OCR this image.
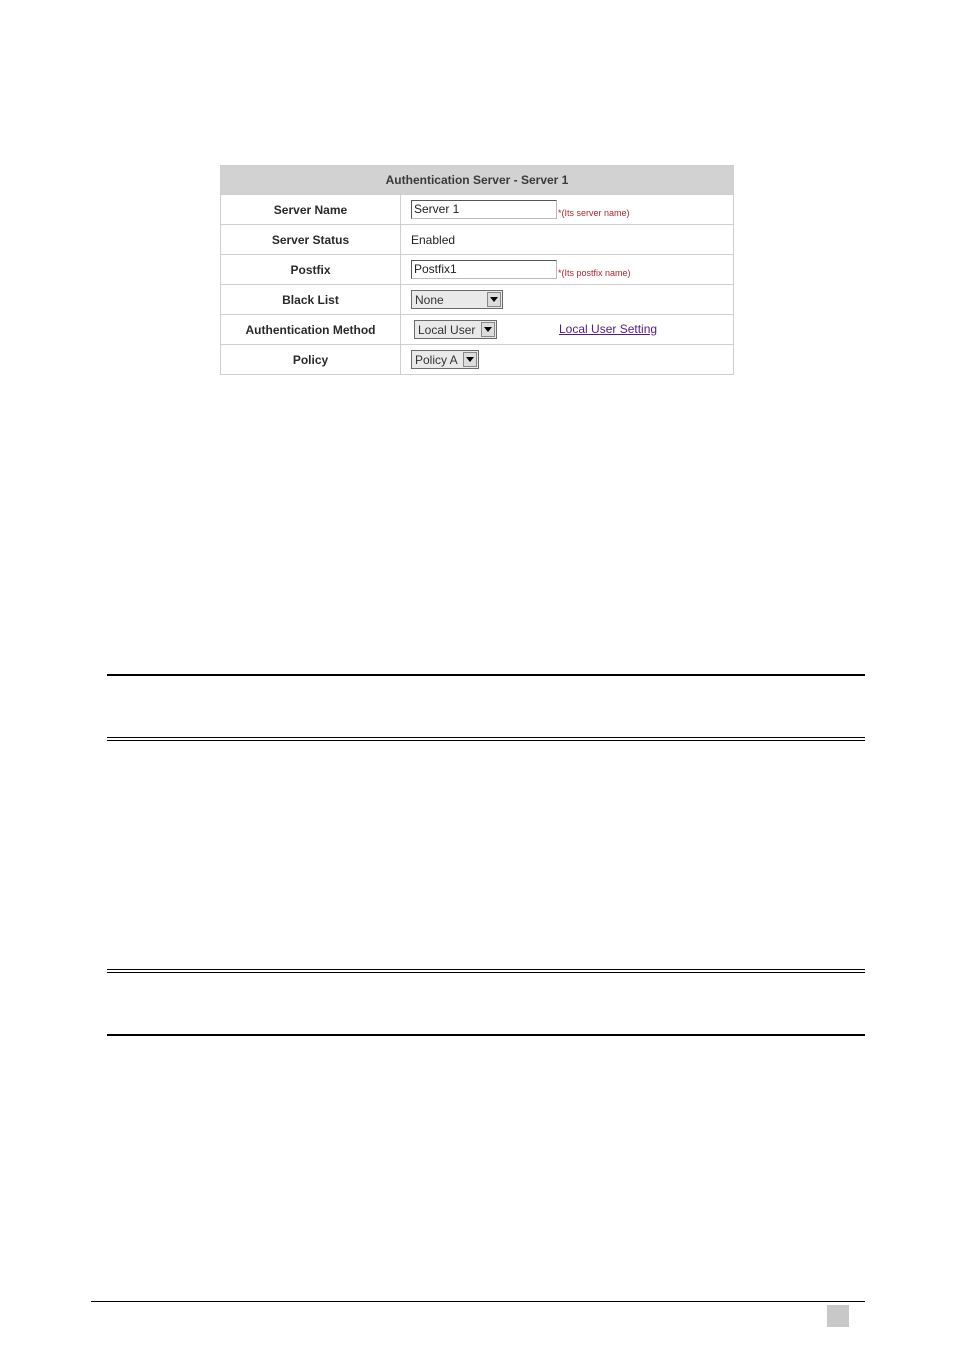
Authentication Server - Server 1	
Server Name	Server 1 $_{*(Its server name)}$
Server Status	Enabled
Postfix	Postfix1 $_{*(Its postfix name)}$
Black List	None

Authentication Method	Local User Local User Setting

Policy	Policy A
